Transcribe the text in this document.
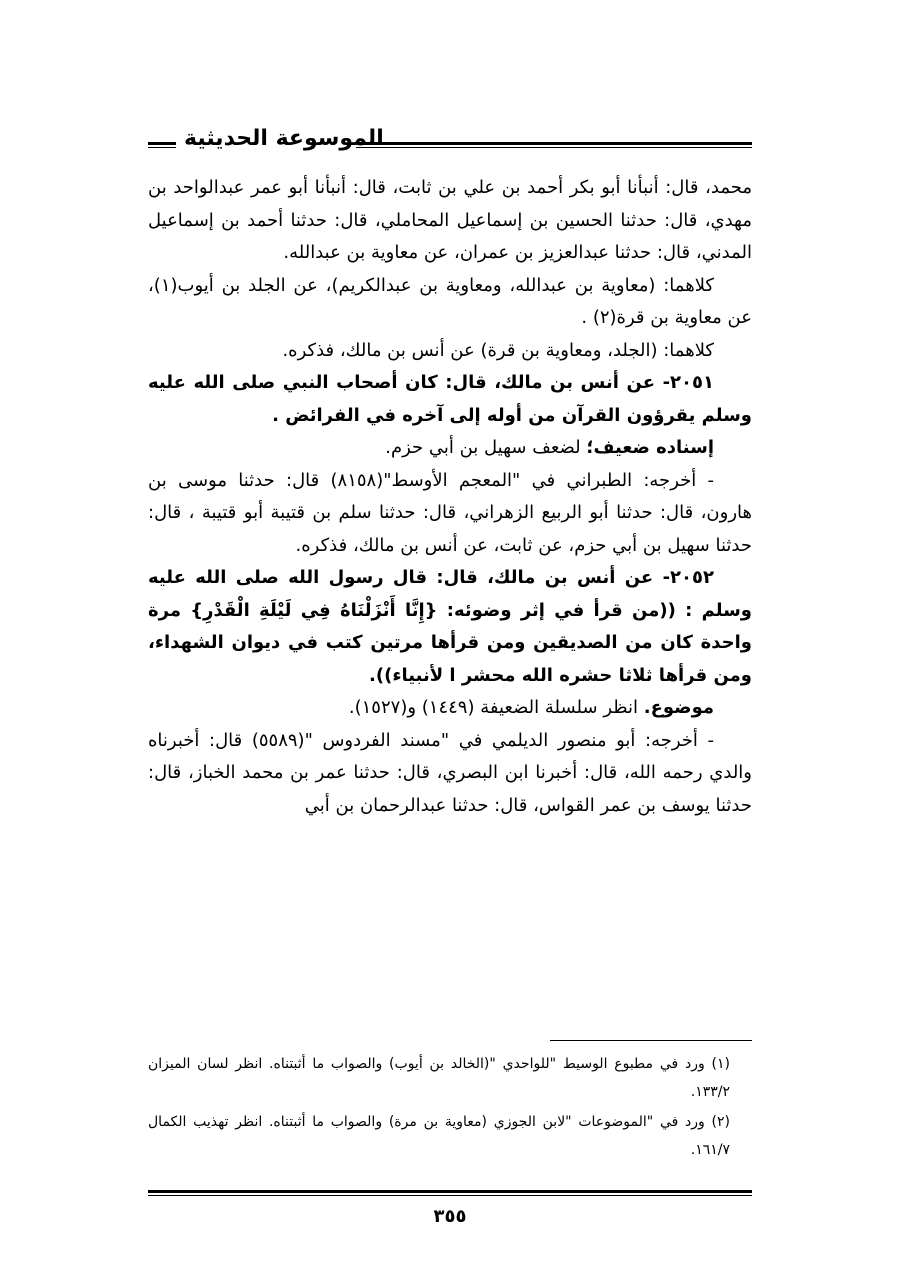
الموسوعة الحديثية

محمد، قال: أنبأنا أبو بكر أحمد بن علي بن ثابت، قال: أنبأنا أبو عمر عبدالواحد بن مهدي، قال: حدثنا الحسين بن إسماعيل المحاملي، قال: حدثنا أحمد بن إسماعيل المدني، قال: حدثنا عبدالعزيز بن عمران، عن معاوية بن عبدالله.

كلاهما: (معاوية بن عبدالله، ومعاوية بن عبدالكريم)، عن الجلد بن أيوب(١)، عن معاوية بن قرة(٢) .

كلاهما: (الجلد، ومعاوية بن قرة) عن أنس بن مالك، فذكره.

٢٠٥١- عن أنس بن مالك، قال: كان أصحاب النبي صلى الله عليه وسلم يقرؤون القرآن من أوله إلى آخره في الفرائض .

إسناده ضعيف؛ لضعف سهيل بن أبي حزم.

- أخرجه: الطبراني في "المعجم الأوسط"(٨١٥٨) قال: حدثنا موسى بن هارون، قال: حدثنا أبو الربيع الزهراني، قال: حدثنا سلم بن قتيبة أبو قتيبة ، قال: حدثنا سهيل بن أبي حزم، عن ثابت، عن أنس بن مالك، فذكره.

٢٠٥٢- عن أنس بن مالك، قال: قال رسول الله صلى الله عليه وسلم : ((من قرأ في إثر وضوئه: {إِنَّا أَنْزَلْنَاهُ فِي لَيْلَةِ الْقَدْرِ} مرة واحدة كان من الصديقين ومن قرأها مرتين كتب في ديوان الشهداء، ومن قرأها ثلاثا حشره الله محشر ا لأنبياء)).

موضوع. انظر سلسلة الضعيفة (١٤٤٩) و(١٥٢٧).

- أخرجه: أبو منصور الديلمي في "مسند الفردوس "(٥٥٨٩) قال: أخبرناه والدي رحمه الله، قال: أخبرنا ابن البصري، قال: حدثنا عمر بن محمد الخباز، قال: حدثنا يوسف بن عمر القواس، قال: حدثنا عبدالرحمان بن أبي

(١) ورد في مطبوع الوسيط "للواحدي "(الخالد بن أيوب) والصواب ما أثبتناه. انظر لسان الميزان ١٣٣/٢.

(٢) ورد في "الموضوعات "لابن الجوزي (معاوية بن مرة) والصواب ما أثبتناه. انظر تهذيب الكمال ١٦١/٧.

٣٥٥
